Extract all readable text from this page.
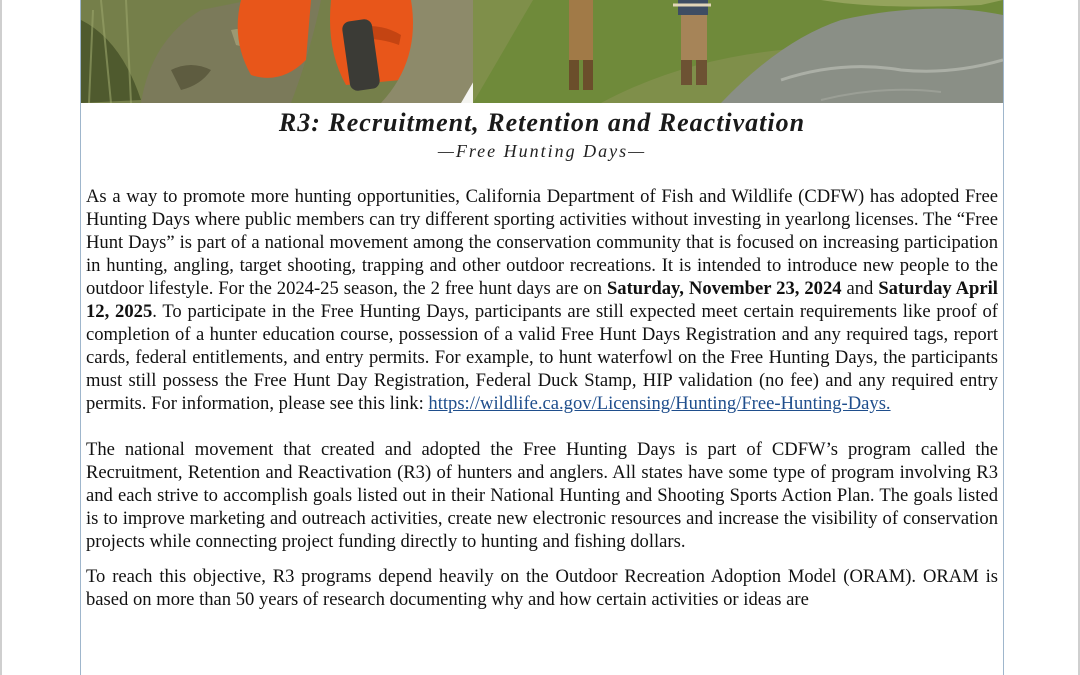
R3: Recruitment, Retention and Reactivation
—Free Hunting Days—

As a way to promote more hunting opportunities, California Department of Fish and Wildlife (CDFW) has adopted Free Hunting Days where public members can try different sporting activities without investing in yearlong licenses. The “Free Hunt Days” is part of a national movement among the conservation community that is focused on increasing participation in hunting, angling, target shooting, trapping and other outdoor recreations. It is intended to introduce new people to the outdoor lifestyle. For the 2024-25 season, the 2 free hunt days are on Saturday, November 23, 2024 and Saturday April 12, 2025. To participate in the Free Hunting Days, participants are still expected meet certain requirements like proof of completion of a hunter education course, possession of a valid Free Hunt Days Registration and any required tags, report cards, federal entitlements, and entry permits. For example, to hunt waterfowl on the Free Hunting Days, the participants must still possess the Free Hunt Day Registration, Federal Duck Stamp, HIP validation (no fee) and any required entry permits. For information, please see this link: https://wildlife.ca.gov/Licensing/Hunting/Free-Hunting-Days.

The national movement that created and adopted the Free Hunting Days is part of CDFW’s program called the Recruitment, Retention and Reactivation (R3) of hunters and anglers. All states have some type of program involving R3 and each strive to accomplish goals listed out in their National Hunting and Shooting Sports Action Plan. The goals listed is to improve marketing and outreach activities, create new electronic resources and increase the visibility of conservation projects while connecting project funding directly to hunting and fishing dollars.

To reach this objective, R3 programs depend heavily on the Outdoor Recreation Adoption Model (ORAM). ORAM is based on more than 50 years of research documenting why and how certain activities or ideas are
